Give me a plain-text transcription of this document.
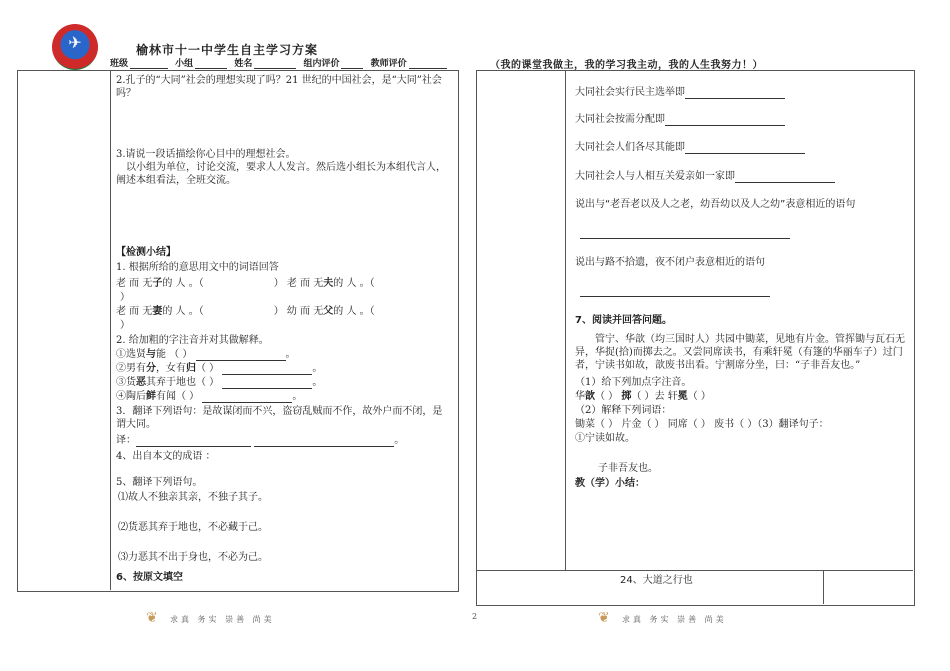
✈	榆林市十一中学生自主学习方案
班级	小组	姓名	组内评价	教师评价	（我的课堂我做主，我的学习我主动，我的人生我努力！）
2.孔子的“大同”社会的理想实现了吗？21 世纪的中国社会，是“大同”社会吗？
3.请说一段话描绘你心目中的理想社会。
以小组为单位，讨论交流，要求人人发言。然后选小组长为本组代言人，阐述本组看法，全班交流。
【检测小结】
1. 根据所给的意思用文中的词语回答
老 而 无子的 人 。（	） 老 而 无夫的 人 。（
）
老 而 无妻的 人 。（	） 幼 而 无父的 人 。（
）
2. 给加粗的字注音并对其做解释。
①选贤与能 （ ）	。
②男有分，女有归（ ）	。
③货恶其弃于地也（ ）	。
④陶后鲜有闻（ ）	。
3．翻译下列语句：是故谋闭而不兴，盗窃乱贼而不作，故外户而不闭，是谓大同。
译：	。
4、出自本文的成语 ：
5、翻译下列语句。
⑴故人不独亲其亲，不独子其子。
⑵货恶其弃于地也，不必藏于己。
⑶力恶其不出于身也，不必为己。
6、按原文填空
大同社会实行民主选举即
大同社会按需分配即
大同社会人们各尽其能即
大同社会人与人相互关爱亲如一家即
说出与“老吾老以及人之老，幼吾幼以及人之幼”表意相近的语句
说出与路不拾遗，夜不闭户表意相近的语句
7、阅读并回答问题。
管宁、华歆（均三国时人）共园中锄菜，见地有片金。管挥锄与瓦石无异，华捉(拾)而掷去之。又尝同席读书，有乘轩冕（有篷的华丽车子）过门者，宁读书如故，歆废书出看。宁割席分坐，曰：“子非吾友也。”
（1）给下列加点字注音。
华歆（ ） 掷（ ）去 轩冕（ ）
（2）解释下列词语：
锄菜（ ） 片金（ ） 同席（ ） 废书（ ）（3）翻译句子：
①宁读如故。
子非吾友也。
教（学）小结：
24、大道之行也
❦ 求真 务实 崇善 尚美	2	❦ 求真 务实 崇善 尚美
